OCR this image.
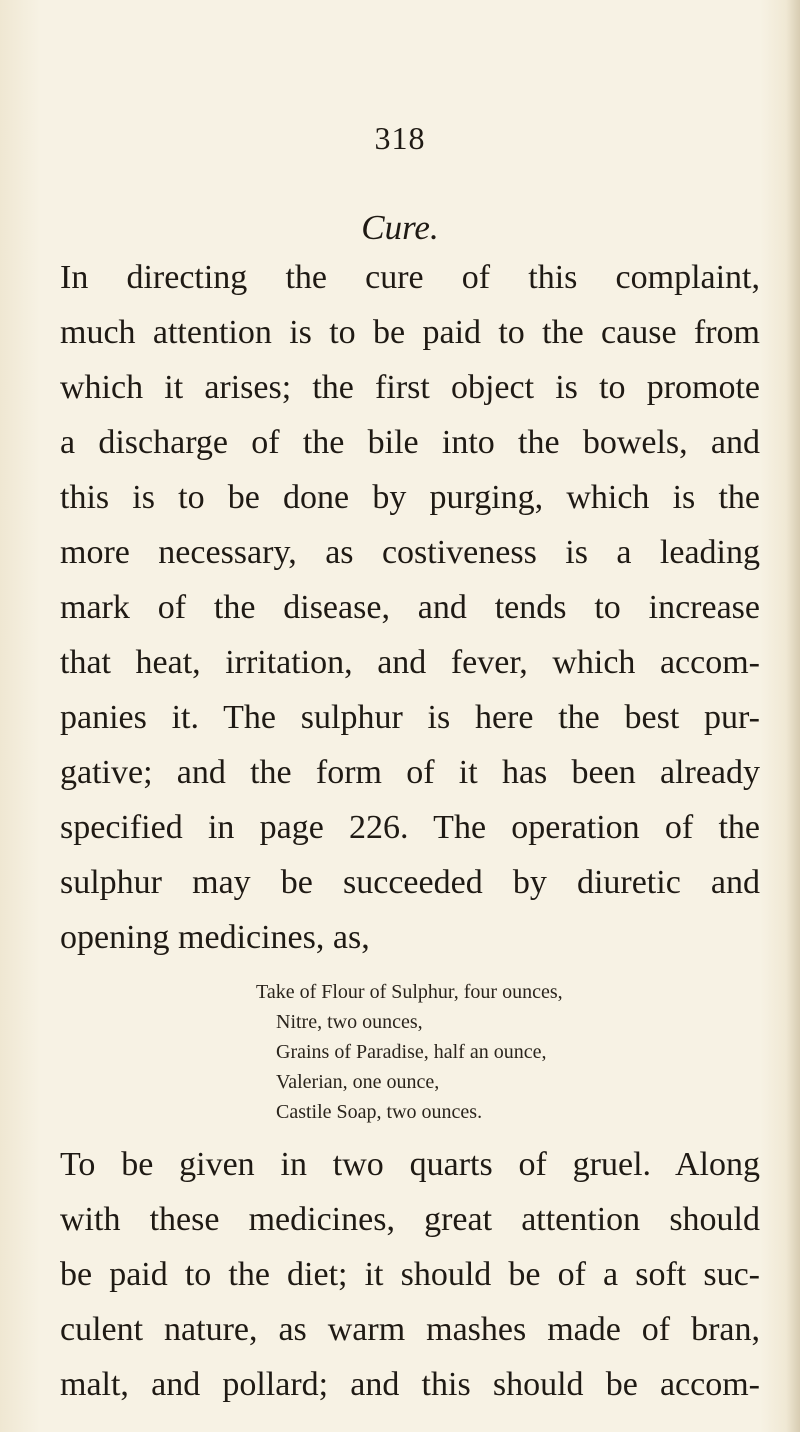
318
Cure.
In directing the cure of this complaint,
much attention is to be paid to the cause from
which it arises; the first object is to promote
a discharge of the bile into the bowels, and
this is to be done by purging, which is the
more necessary, as costiveness is a leading
mark of the disease, and tends to increase
that heat, irritation, and fever, which accom-
panies it. The sulphur is here the best pur-
gative; and the form of it has been already
specified in page 226. The operation of the
sulphur may be succeeded by diuretic and
opening medicines, as,
Take of Flour of Sulphur, four ounces,
Nitre, two ounces,
Grains of Paradise, half an ounce,
Valerian, one ounce,
Castile Soap, two ounces.
To be given in two quarts of gruel. Along
with these medicines, great attention should
be paid to the diet; it should be of a soft suc-
culent nature, as warm mashes made of bran,
malt, and pollard; and this should be accom-
